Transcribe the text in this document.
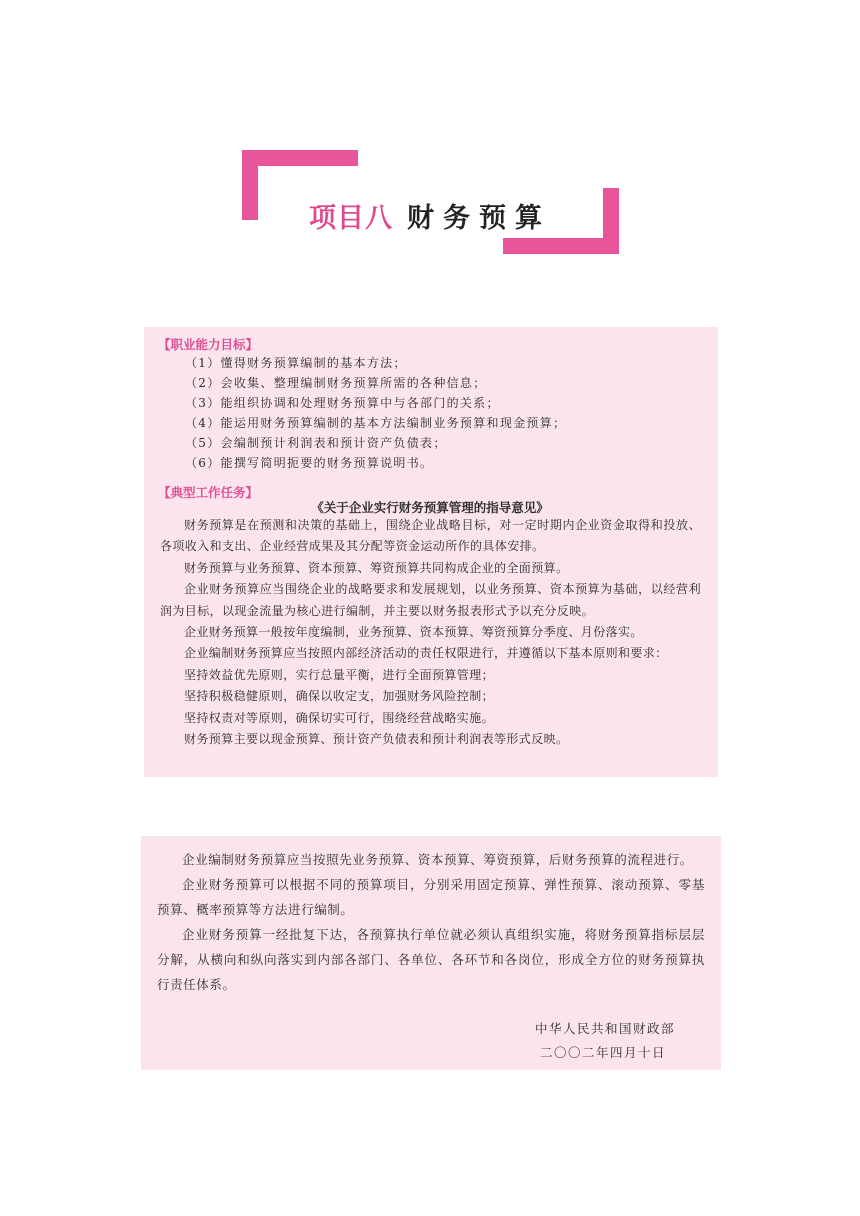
项目八 财务预算
【职业能力目标】
（1）懂得财务预算编制的基本方法；
（2）会收集、整理编制财务预算所需的各种信息；
（3）能组织协调和处理财务预算中与各部门的关系；
（4）能运用财务预算编制的基本方法编制业务预算和现金预算；
（5）会编制预计利润表和预计资产负债表；
（6）能撰写简明扼要的财务预算说明书。
【典型工作任务】
《关于企业实行财务预算管理的指导意见》

财务预算是在预测和决策的基础上，围绕企业战略目标，对一定时期内企业资金取得和投放、各项收入和支出、企业经营成果及其分配等资金运动所作的具体安排。

财务预算与业务预算、资本预算、筹资预算共同构成企业的全面预算。

企业财务预算应当围绕企业的战略要求和发展规划，以业务预算、资本预算为基础，以经营利润为目标，以现金流量为核心进行编制，并主要以财务报表形式予以充分反映。

企业财务预算一般按年度编制，业务预算、资本预算、筹资预算分季度、月份落实。

企业编制财务预算应当按照内部经济活动的责任权限进行，并遵循以下基本原则和要求：

坚持效益优先原则，实行总量平衡，进行全面预算管理；

坚持积极稳健原则，确保以收定支，加强财务风险控制；

坚持权责对等原则，确保切实可行，围绕经营战略实施。

财务预算主要以现金预算、预计资产负债表和预计利润表等形式反映。

企业编制财务预算应当按照先业务预算、资本预算、筹资预算，后财务预算的流程进行。

企业财务预算可以根据不同的预算项目，分别采用固定预算、弹性预算、滚动预算、零基预算、概率预算等方法进行编制。

企业财务预算一经批复下达，各预算执行单位就必须认真组织实施，将财务预算指标层层分解，从横向和纵向落实到内部各部门、各单位、各环节和各岗位，形成全方位的财务预算执行责任体系。

中华人民共和国财政部
二〇〇二年四月十日
